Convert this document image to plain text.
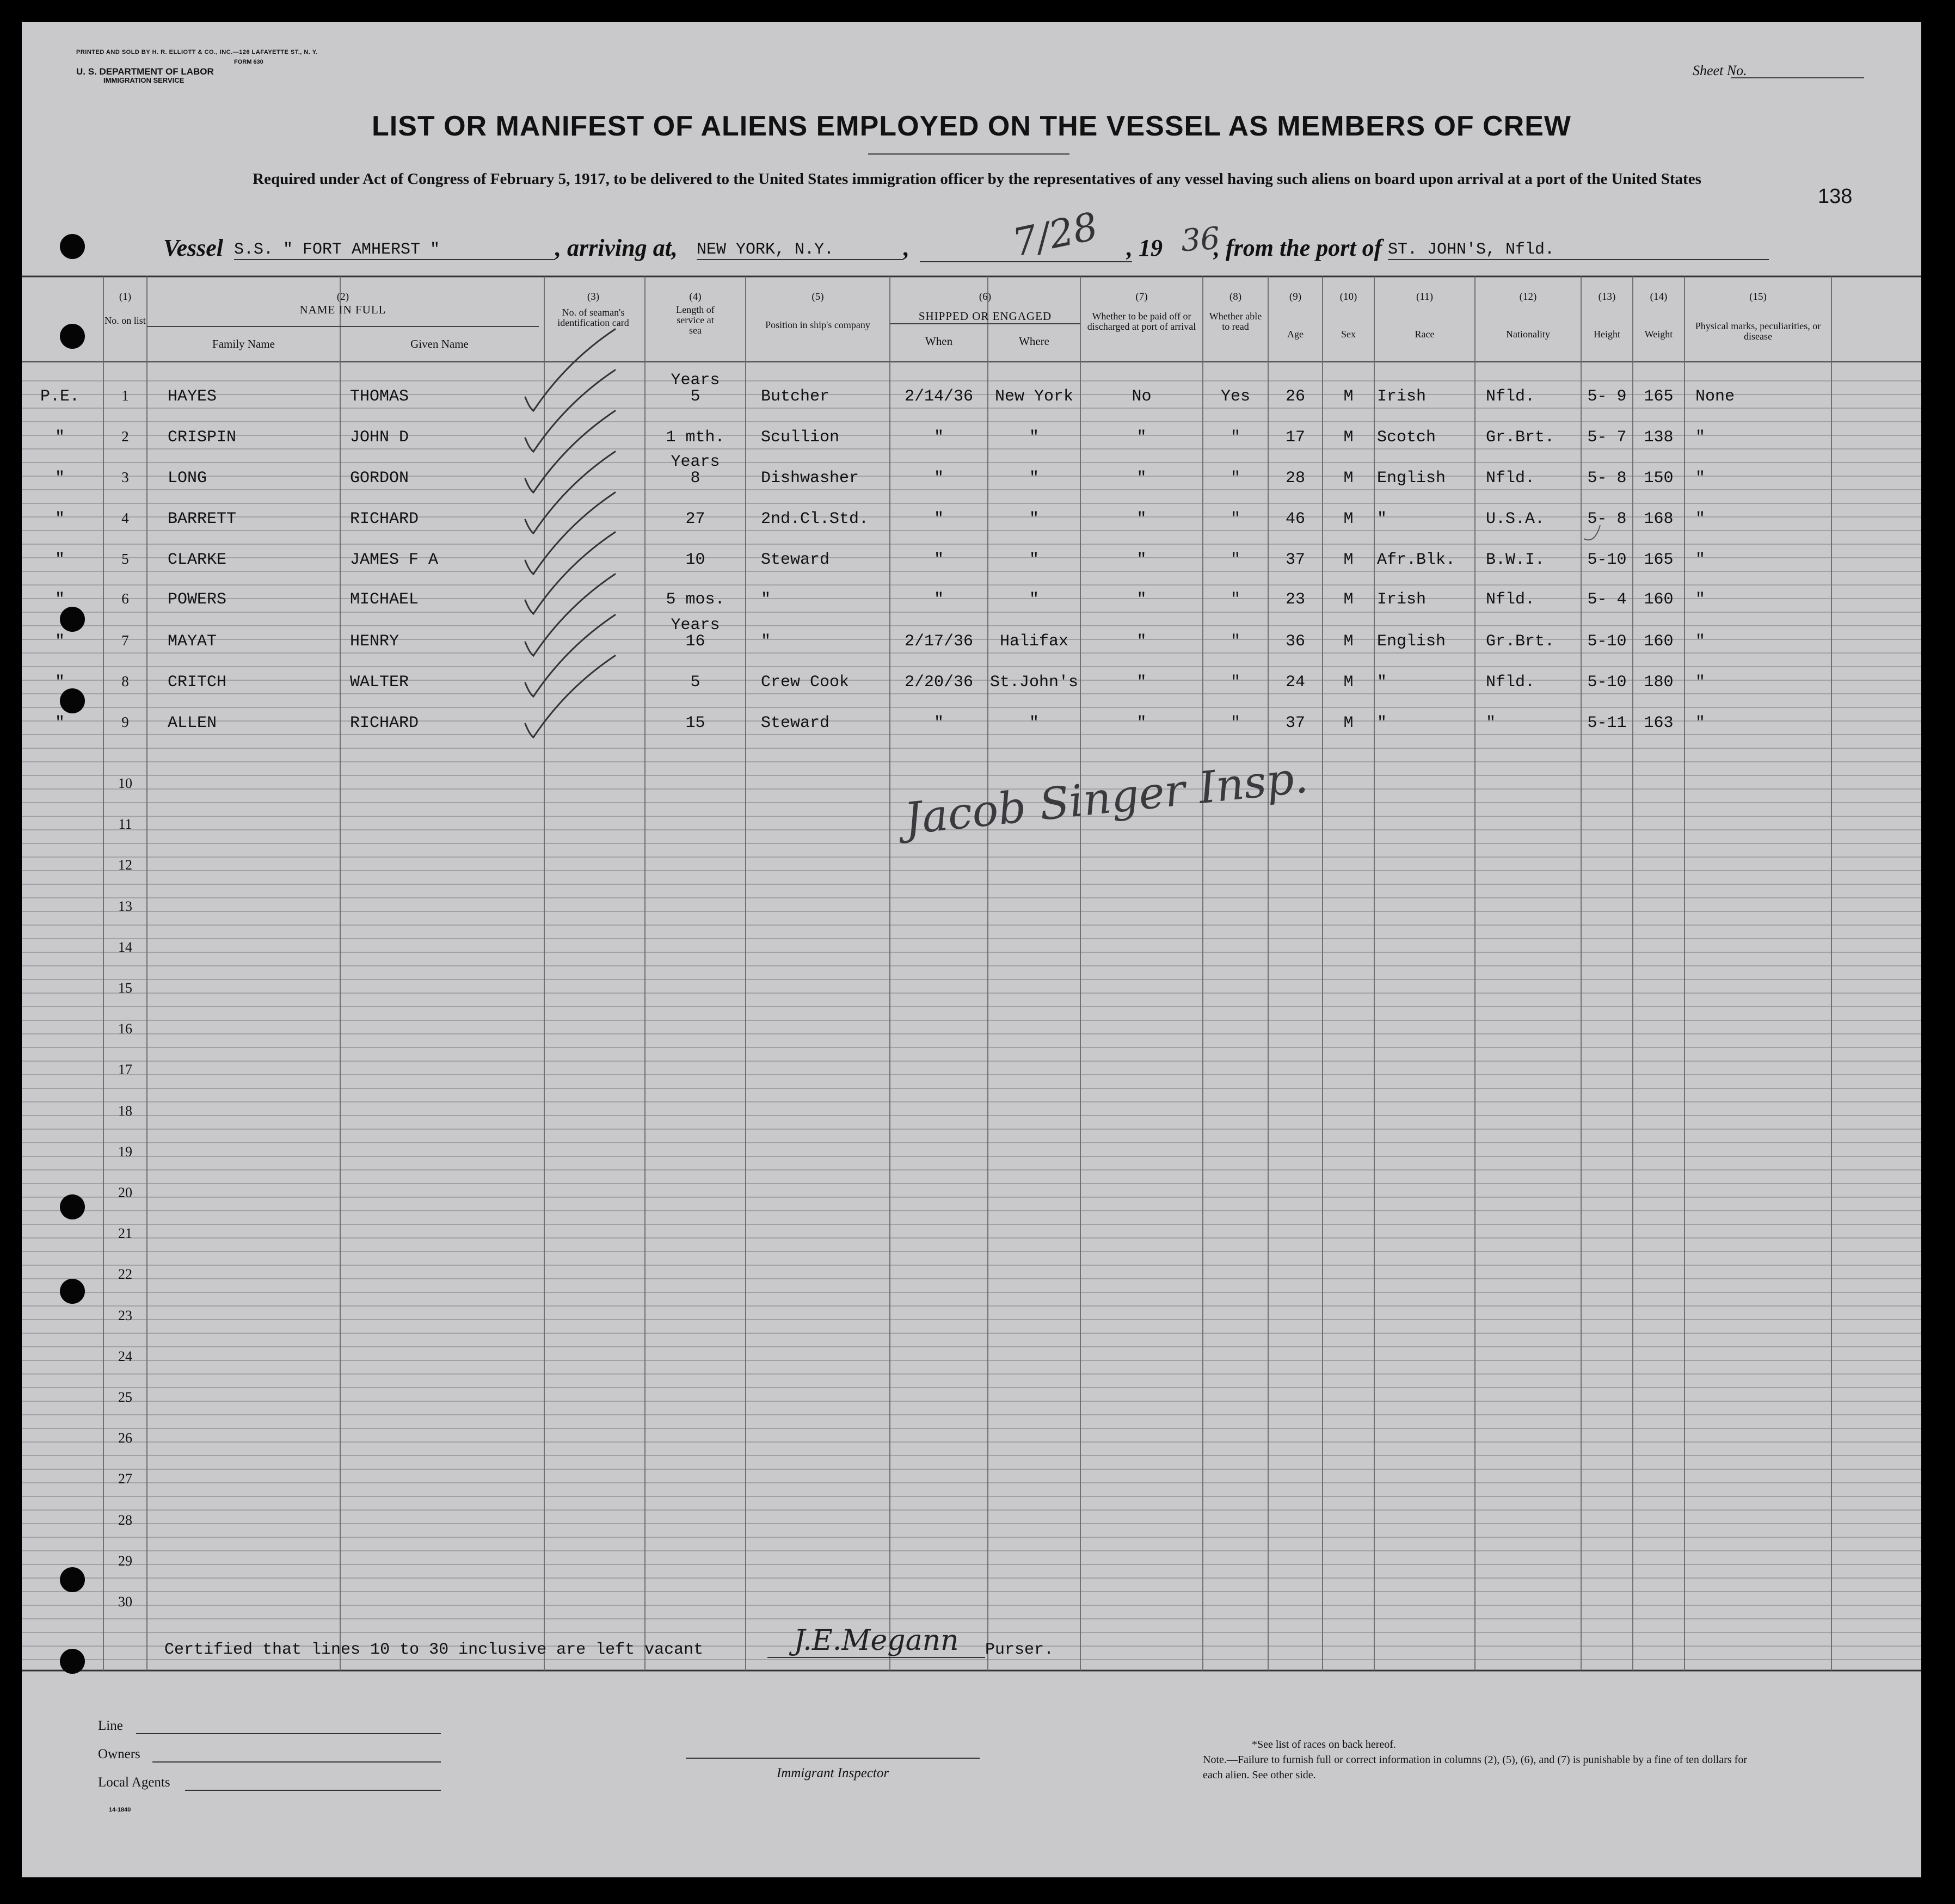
PRINTED AND SOLD BY H. R. ELLIOTT & CO., INC.—126 LAFAYETTE ST., N. Y.
FORM 630
U. S. DEPARTMENT OF LABOR
IMMIGRATION SERVICE
Sheet No.
138
LIST OR MANIFEST OF ALIENS EMPLOYED ON THE VESSEL AS MEMBERS OF CREW
Required under Act of Congress of February 5, 1917, to be delivered to the United States immigration officer by the representatives of any vessel having such aliens on board upon arrival at a port of the United States
Vessel S.S. " FORT AMHERST "	, arriving at, NEW YORK, N.Y.	,	7/28 , 19 36
, from the port of ST. JOHN'S, Nfld.
(1)
No. on list
(2)
NAME IN FULL
Family Name	Given Name
(3)
No. of seaman's identification card
(4)
Length of service at sea
(5)
Position in ship's company
(6)
SHIPPED OR ENGAGED
When	Where
(7)
Whether to be paid off or discharged at port of arrival
(8)
Whether able to read
(9)
Age
(10)
Sex
(11)
Race
(12)
Nationality
(13)
Height
(14)
Weight
(15)
Physical marks, peculiarities, or disease
P.E.	1	HAYES	THOMAS	5	Butcher	2/14/36	New York	No	Yes	26	M	Irish	Nfld.	5- 9	165	None
Years
"	2	CRISPIN	JOHN D	1 mth.	Scullion	"	"	"	"	17	M	Scotch	Gr.Brt.	5- 7	138	"
"	3	LONG	GORDON	8	Dishwasher	"	"	"	"	28	M	English	Nfld.	5- 8	150	"
Years
"	4	BARRETT	RICHARD	27	2nd.Cl.Std.	"	"	"	"	46	M	"	U.S.A.	5- 8	168	"
"	5	CLARKE	JAMES F A	10	Steward	"	"	"	"	37	M	Afr.Blk.	B.W.I.	5-10	165	"
"	6	POWERS	MICHAEL	5 mos.	"	"	"	"	"	23	M	Irish	Nfld.	5- 4	160	"
"	7	MAYAT	HENRY	16	"	2/17/36	Halifax	"	"	36	M	English	Gr.Brt.	5-10	160	"
Years
"	8	CRITCH	WALTER	5	Crew Cook	2/20/36	St.John's	"	"	24	M	"	Nfld.	5-10	180	"
"	9	ALLEN	RICHARD	15	Steward	"	"	"	"	37	M	"	"	5-11	163	"
10
11
12
13
14
15
16
17
18
19
20
21
22
23
24
25
26
27
28
29
30
Jacob Singer Insp.
Certified that lines 10 to 30 inclusive are left vacant	J.E.Megann	Purser.
Line
Owners
Local Agents
14-1840
Immigrant Inspector
*See list of races on back hereof.
Note.—Failure to furnish full or correct information in columns (2), (5), (6), and (7) is punishable by a fine of ten dollars for each alien. See other side.
